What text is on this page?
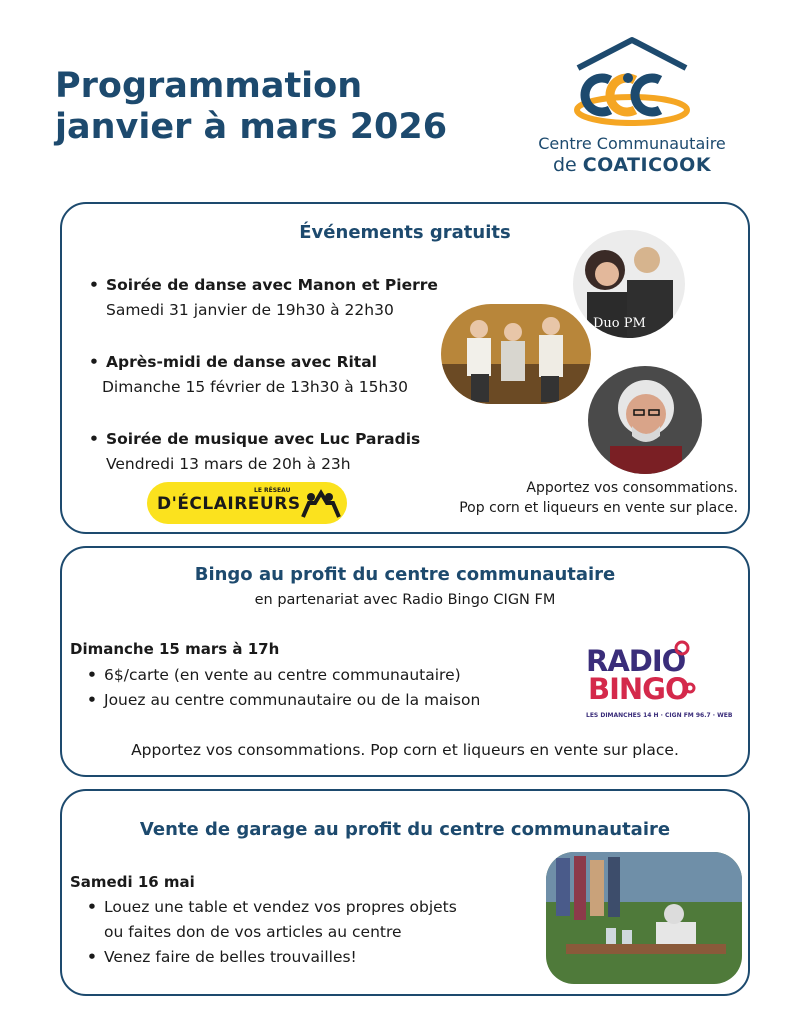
Programmation
janvier à mars 2026	Centre Communautaire
de COATICOOK
Événements gratuits
• Soirée de danse avec Manon et Pierre
Samedi 31 janvier de 19h30 à 22h30
• Après-midi de danse avec Rital
Dimanche 15 février de 13h30 à 15h30
• Soirée de musique avec Luc Paradis
Vendredi 13 mars de 20h à 23h
LE RÉSEAU
D'ÉCLAIREURS
Duo PM
Apportez vos consommations.
Pop corn et liqueurs en vente sur place.
Bingo au profit du centre communautaire
en partenariat avec Radio Bingo CIGN FM
Dimanche 15 mars à 17h
• 6$/carte (en vente au centre communautaire)
• Jouez au centre communautaire ou de la maison
RADIO
BINGO
LES DIMANCHES 14 H · CIGN FM 96.7 · WEB
Apportez vos consommations. Pop corn et liqueurs en vente sur place.
Vente de garage au profit du centre communautaire
Samedi 16 mai
• Louez une table et vendez vos propres objets
ou faites don de vos articles au centre
• Venez faire de belles trouvailles!
